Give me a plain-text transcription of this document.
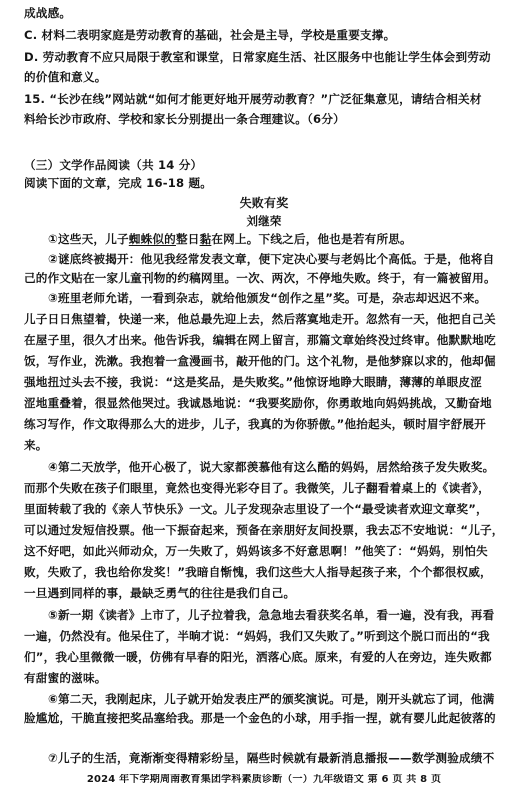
成战感。
C. 材料二表明家庭是劳动教育的基础，社会是主导，学校是重要支撑。
D. 劳动教育不应只局限于教室和课堂，日常家庭生活、社区服务中也能让学生体会到劳动
的价值和意义。
15. “长沙在线”网站就“如何才能更好地开展劳动教育？”广泛征集意见，请结合相关材
料给长沙市政府、学校和家长分别提出一条合理建议。（6分）
（三）文学作品阅读（共 14 分）
阅读下面的文章，完成 16-18 题。
失败有奖
刘继荣
①这些天，儿子蜘蛛似的整日黏在网上。下线之后，他也是若有所思。
②谜底终被揭开：他见我经常发表文章，便下定决心要与老妈比个高低。于是，他将自
己的作文贴在一家儿童刊物的约稿网里。一次、两次，不停地失败。终于，有一篇被留用。
③班里老师允诺，一看到杂志，就给他颁发“创作之星”奖。可是，杂志却迟迟不来。
儿子日日焦望着，快递一来，他总最先迎上去，然后落寞地走开。忽然有一天，他把自己关
在屋子里，很久才出来。他告诉我，编辑在网上留言，那篇文章始终没过终审。他默默地吃
饭，写作业，洗漱。我抱着一盒漫画书，敲开他的门。这个礼物，是他梦寐以求的，他却倔
强地扭过头去不接，我说：“这是奖品，是失败奖。”他惊讶地睁大眼睛，薄薄的单眼皮涩
涩地重叠着，很显然他哭过。我诚恳地说：“我要奖励你，你勇敢地向妈妈挑战，又勤奋地
练习写作，作文取得那么大的进步，儿子，我真的为你骄傲。”他抬起头，顿时眉宇舒展开
来。
④第二天放学，他开心极了，说大家都羡慕他有这么酷的妈妈，居然给孩子发失败奖。
而那个失败在孩子们眼里，竟然也变得光彩夺目了。我微笑，儿子翻看着桌上的《读者》，
里面转载了我的《亲人节快乐》一文。儿子发现杂志里设了一个“最受读者欢迎文章奖”，
可以通过发短信投票。他一下振奋起来，预备在亲朋好友间投票，我去忑不安地说：“儿子，
这不好吧，如此兴师动众，万一失败了，妈妈该多不好意思啊！”他笑了：“妈妈，别怕失
败，失败了，我也给你发奖！”我暗自惭愧，我们这些大人指导起孩子来，个个都很权威，
一旦遇到同样的事，最缺乏勇气的往往是我们自己。
⑤新一期《读者》上市了，儿子拉着我，急急地去看获奖名单，看一遍，没有我，再看
一遍，仍然没有。他呆住了，半晌才说：“妈妈，我们又失败了。”听到这个脱口而出的“我
们”，我心里微微一暖，仿佛有早春的阳光，洒落心底。原来，有爱的人在旁边，连失败都
有甜蜜的滋味。
⑥第二天，我刚起床，儿子就开始发表庄严的颁奖演说。可是，刚开头就忘了词，他满
脸尴尬，干脆直接把奖品塞给我。那是一个金色的小球，用手指一捏，就有婴儿此起彼落的
2024 年下学期周南教育集团学科素质诊断（一）九年级语文 第 6 页 共 8 页
⑦儿子的生活，竟渐渐变得精彩纷呈，隔些时候就有最新消息播报——数学测验成绩不
